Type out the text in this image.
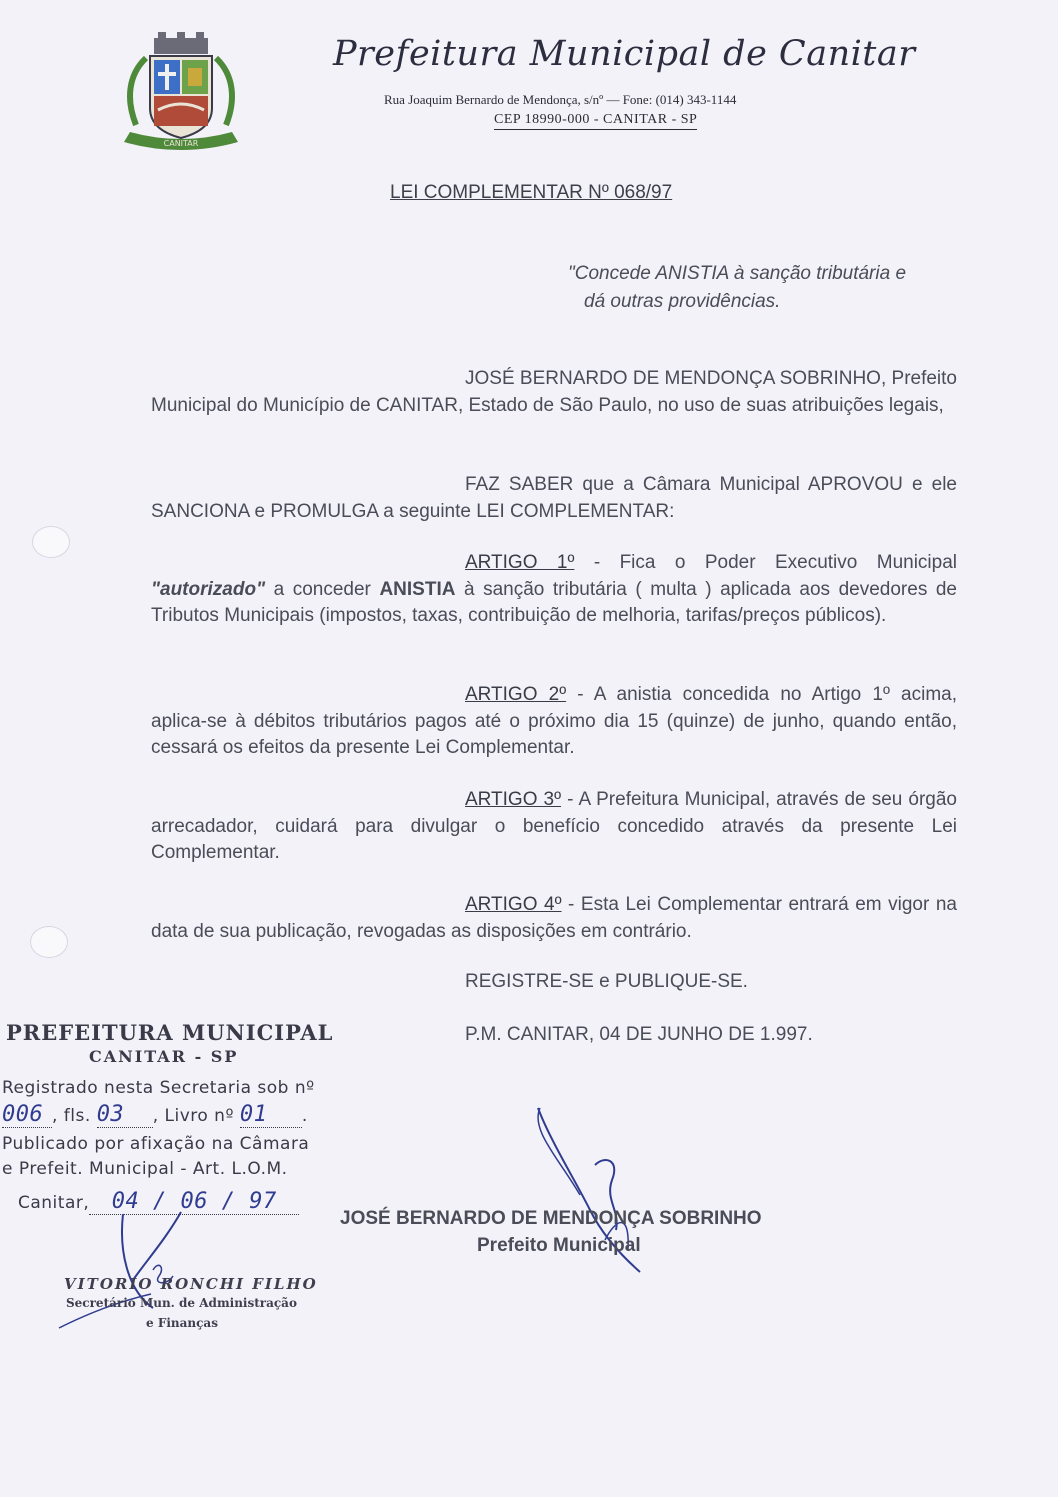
CANITAR
Prefeitura Municipal de Canitar
Rua Joaquim Bernardo de Mendonça, s/nº — Fone: (014) 343-1144
CEP 18990-000 - CANITAR - SP
LEI COMPLEMENTAR Nº 068/97
"Concede ANISTIA à sanção tributária e
dá outras providências.
JOSÉ BERNARDO DE MENDONÇA SOBRINHO, Prefeito Municipal do Município de CANITAR, Estado de São Paulo, no uso de suas atribuições legais,
FAZ SABER que a Câmara Municipal APROVOU e ele SANCIONA e PROMULGA a seguinte LEI COMPLEMENTAR:
ARTIGO 1º - Fica o Poder Executivo Municipal "autorizado" a conceder ANISTIA à sanção tributária ( multa ) aplicada aos devedores de Tributos Municipais (impostos, taxas, contribuição de melhoria, tarifas/preços públicos).
ARTIGO 2º - A anistia concedida no Artigo 1º acima, aplica-se à débitos tributários pagos até o próximo dia 15 (quinze) de junho, quando então, cessará os efeitos da presente Lei Complementar.
ARTIGO 3º - A Prefeitura Municipal, através de seu órgão arrecadador, cuidará para divulgar o benefício concedido através da presente Lei Complementar.
ARTIGO 4º - Esta Lei Complementar entrará em vigor na data de sua publicação, revogadas as disposições em contrário.
REGISTRE-SE e PUBLIQUE-SE.
P.M. CANITAR, 04 DE JUNHO DE 1.997.
JOSÉ BERNARDO DE MENDONÇA SOBRINHO
Prefeito Municipal
PREFEITURA MUNICIPAL
CANITAR - SP
Registrado nesta Secretaria sob nº
006 , fls. 03 , Livro nº 01 .
Publicado por afixação na Câmara
e Prefeit. Municipal - Art. L.O.M.
Canitar, 04 / 06 / 97
VITORIO RONCHI FILHO
Secretário Mun. de Administração
e Finanças
